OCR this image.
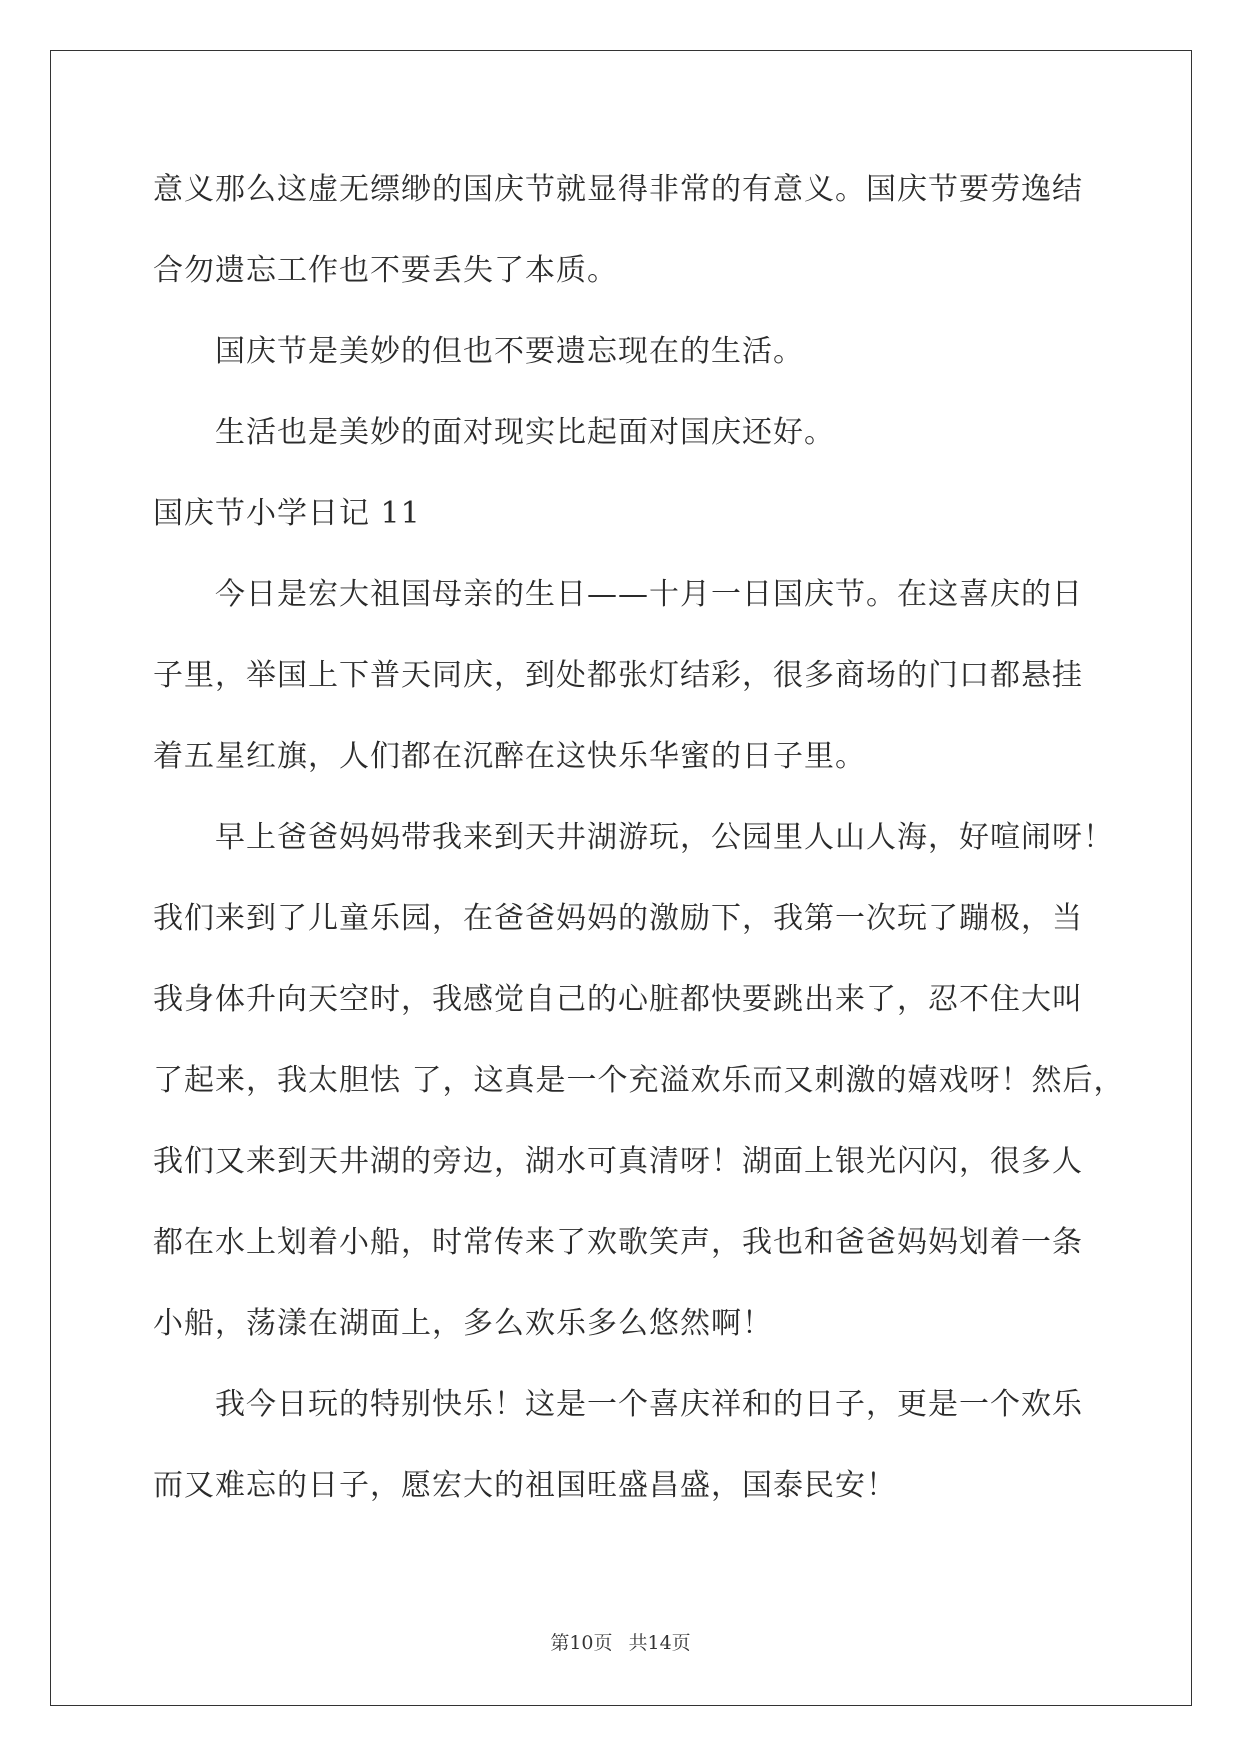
意义那么这虚无缥缈的国庆节就显得非常的有意义。国庆节要劳逸结
合勿遗忘工作也不要丢失了本质。
国庆节是美妙的但也不要遗忘现在的生活。
生活也是美妙的面对现实比起面对国庆还好。
国庆节小学日记 11
今日是宏大祖国母亲的生日——十月一日国庆节。在这喜庆的日
子里，举国上下普天同庆，到处都张灯结彩，很多商场的门口都悬挂
着五星红旗，人们都在沉醉在这快乐华蜜的日子里。
早上爸爸妈妈带我来到天井湖游玩，公园里人山人海，好喧闹呀！
我们来到了儿童乐园，在爸爸妈妈的激励下，我第一次玩了蹦极，当
我身体升向天空时，我感觉自己的心脏都快要跳出来了，忍不住大叫
了起来，我太胆怯 了，这真是一个充溢欢乐而又刺激的嬉戏呀！然后，
我们又来到天井湖的旁边，湖水可真清呀！湖面上银光闪闪，很多人
都在水上划着小船，时常传来了欢歌笑声，我也和爸爸妈妈划着一条
小船，荡漾在湖面上，多么欢乐多么悠然啊！
我今日玩的特别快乐！这是一个喜庆祥和的日子，更是一个欢乐
而又难忘的日子，愿宏大的祖国旺盛昌盛，国泰民安！
第10页 共14页
